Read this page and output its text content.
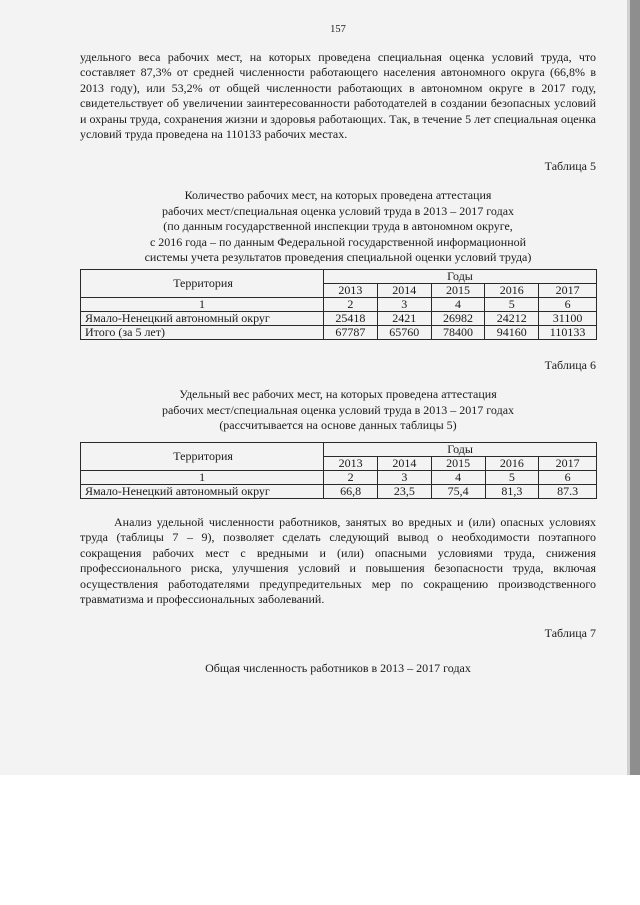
157

удельного веса рабочих мест, на которых проведена специальная оценка условий труда, что составляет 87,3% от средней численности работающего населения автономного округа (66,8% в 2013 году), или 53,2% от общей численности работающих в автономном округе в 2017 году, свидетельствует об увеличении заинтересованности работодателей в создании безопасных условий и охраны труда, сохранения жизни и здоровья работающих. Так, в течение 5 лет специальная оценка условий труда проведена на 110133 рабочих местах.

Таблица 5
Количество рабочих мест, на которых проведена аттестация
рабочих мест/специальная оценка условий труда в 2013 – 2017 годах
(по данным государственной инспекции труда в автономном округе,
с 2016 года – по данным Федеральной государственной информационной
системы учета результатов проведения специальной оценки условий труда)
Территория	Годы				
	2013	2014	2015	2016	2017
1	2	3	4	5	6
Ямало-Ненецкий автономный округ	25418	2421	26982	24212	31100
Итого (за 5 лет)	67787	65760	78400	94160	110133
Таблица 6
Удельный вес рабочих мест, на которых проведена аттестация
рабочих мест/специальная оценка условий труда в 2013 – 2017 годах
(рассчитывается на основе данных таблицы 5)
Территория	Годы				
	2013	2014	2015	2016	2017
1	2	3	4	5	6
Ямало-Ненецкий автономный округ	66,8	23,5	75,4	81,3	87.3

Анализ удельной численности работников, занятых во вредных и (или) опасных условиях труда (таблицы 7 – 9), позволяет сделать следующий вывод о необходимости поэтапного сокращения рабочих мест с вредными и (или) опасными условиями труда, снижения профессионального риска, улучшения условий и повышения безопасности труда, включая осуществления работодателями предупредительных мер по сокращению производственного травматизма и профессиональных заболеваний.

Таблица 7
Общая численность работников в 2013 – 2017 годах
